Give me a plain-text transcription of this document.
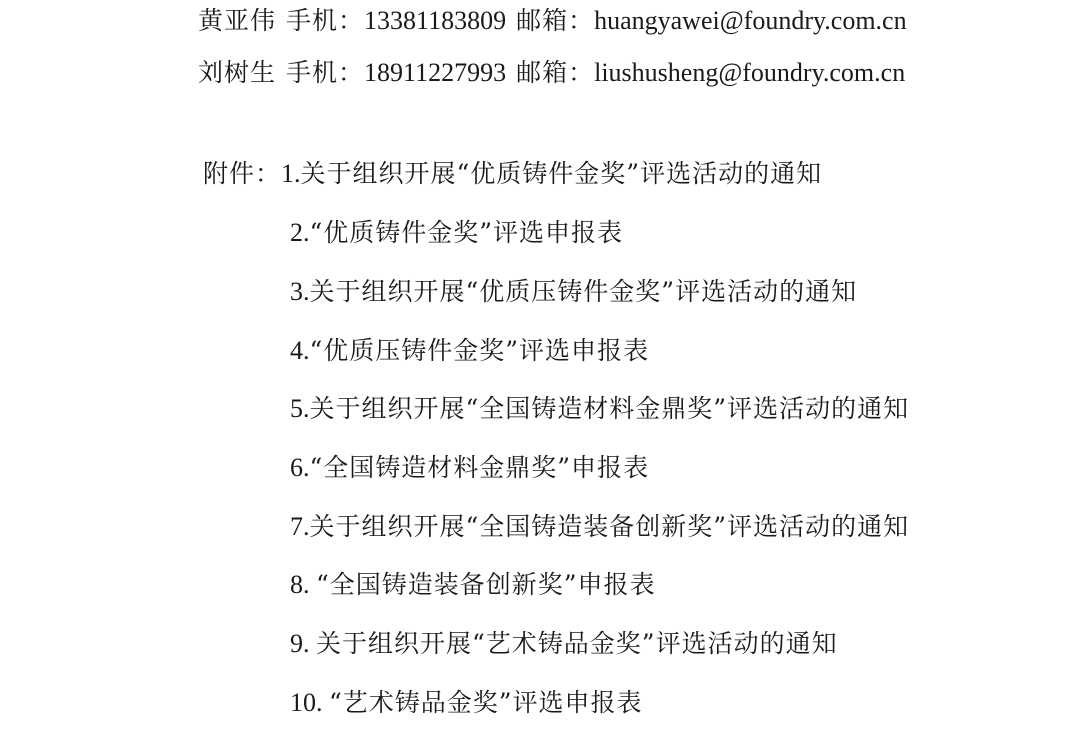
黄亚伟 手机：13381183809 邮箱：huangyawei@foundry.com.cn
刘树生 手机：18911227993 邮箱：liushusheng@foundry.com.cn
附件：1.关于组织开展“优质铸件金奖”评选活动的通知
2.“优质铸件金奖”评选申报表
3.关于组织开展“优质压铸件金奖”评选活动的通知
4.“优质压铸件金奖”评选申报表
5.关于组织开展“全国铸造材料金鼎奖”评选活动的通知
6.“全国铸造材料金鼎奖”申报表
7.关于组织开展“全国铸造装备创新奖”评选活动的通知
8. “全国铸造装备创新奖”申报表
9. 关于组织开展“艺术铸品金奖”评选活动的通知
10. “艺术铸品金奖”评选申报表
